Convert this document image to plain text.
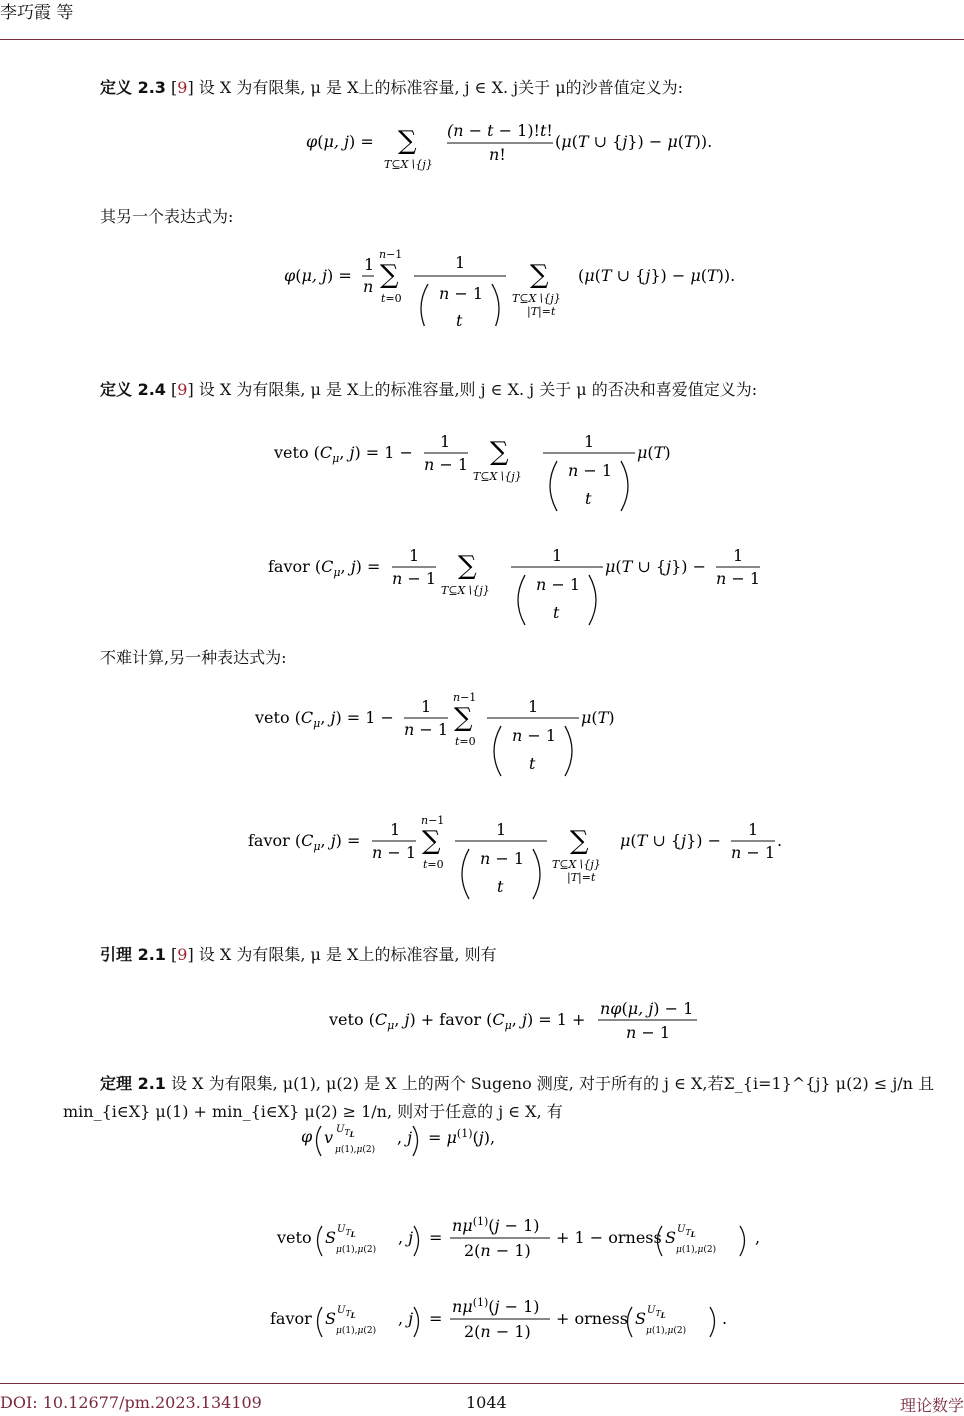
李巧霞 等
定义 2.3 [9] 设 X 为有限集, μ 是 X上的标准容量, j ∈ X. j关于 μ的沙普值定义为:
φ(μ, j) = ∑
T⊆X∖{j}
(n − t − 1)!t!
n!
(μ(T ∪ {j}) − μ(T)).
其另一个表达式为:
φ(μ, j) =
1
n
n−1
∑
t=0
1
n − 1
t
∑
T⊆X∖{j}
|T|=t
(μ(T ∪ {j}) − μ(T)).
定义 2.4 [9] 设 X 为有限集, μ 是 X上的标准容量,则 j ∈ X. j 关于 μ 的否决和喜爱值定义为:
veto ($C_\mu$, j) = 1 −
1
n − 1 ∑
T⊆X∖{j}
1
n − 1
t
μ(T)
favor ($C_\mu$, j) =
1
n − 1 ∑
T⊆X∖{j}
1
n − 1
t
μ(T ∪ {j}) −
1
n − 1
不难计算,另一种表达式为:
veto ($C_\mu$, j) = 1 −
1
n − 1
n−1
∑
t=0
1
n − 1
t
μ(T)
favor ($C_\mu$, j) =
1
n − 1
n−1
∑
t=0
1
n − 1
t
∑
T⊆X∖{j}
|T|=t
μ(T ∪ {j}) −
1
n − 1
.
引理 2.1 [9] 设 X 为有限集, μ 是 X上的标准容量, 则有
veto ($C_\mu$, j) + favor ($C_\mu$, j) = 1 +
nφ(μ, j) − 1
n − 1
定理 2.1 设 X 为有限集, μ(1), μ(2) 是 X 上的两个 Sugeno 测度, 对于所有的 j ∈ X,若Σ_{i=1}^{j} μ(2) ≤ j/n 且
min_{i∈X} μ(1) + min_{i∈X} μ(2) ≥ 1/n, 则对于任意的 j ∈ X, 有
φ v $U_{TL}$
μ(1),μ(2)
, $j = \mu^{(1)}(j)$,
veto S $U_{TL}$
μ(1),μ(2)
, j =
$n\mu^{(1)}(j - 1)$
2(n − 1)
+ 1 − orness S $U_{TL}$
μ(1),μ(2)
,
favor S $U_{TL}$
μ(1),μ(2)
, j =
$n\mu^{(1)}(j - 1)$
2(n − 1)
+ orness S $U_{TL}$
μ(1),μ(2)
.
DOI: 10.12677/pm.2023.134109	1044	理论数学
